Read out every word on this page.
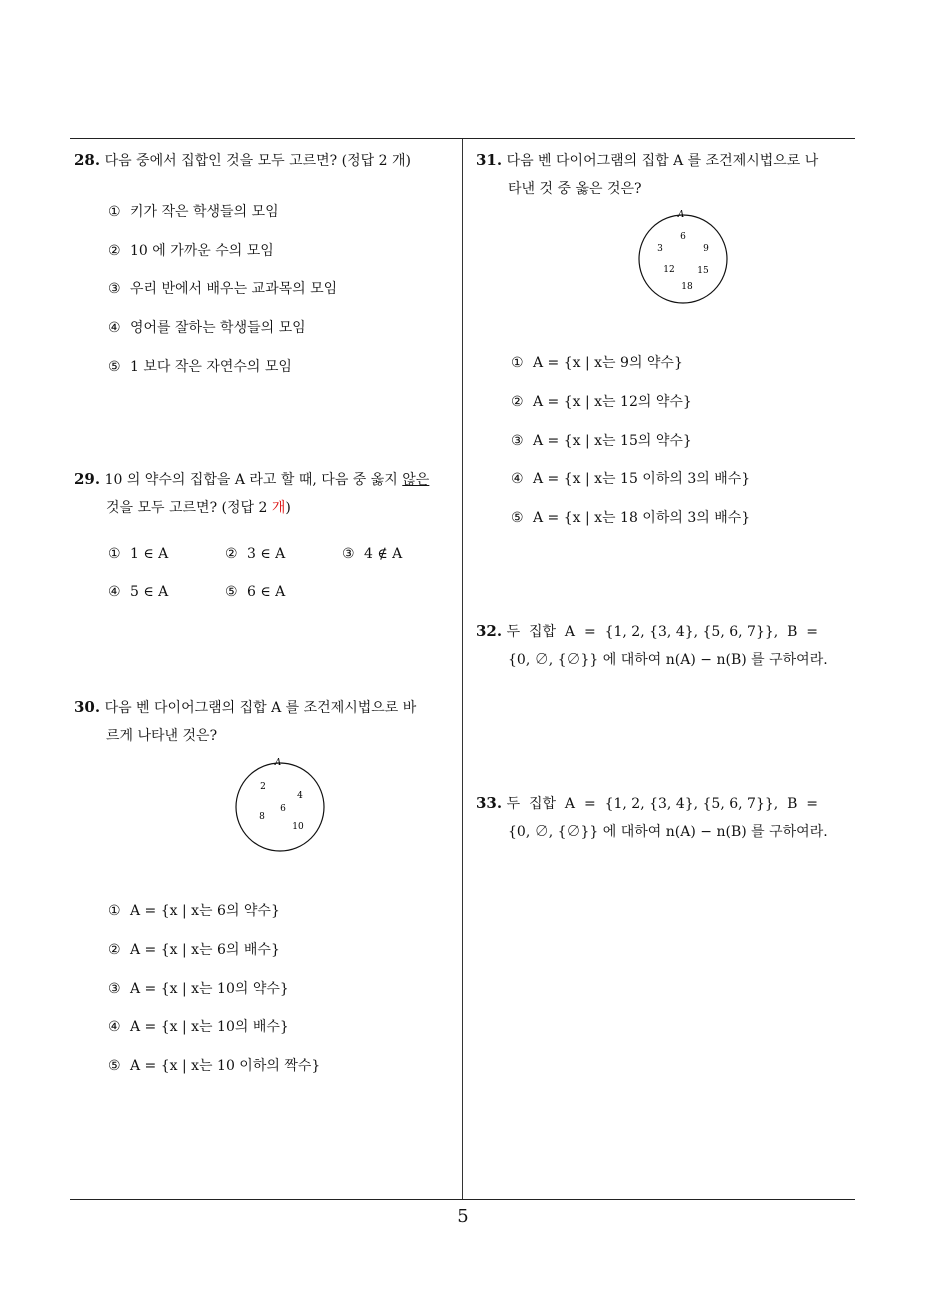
28. 다음 중에서 집합인 것을 모두 고르면? (정답 2 개)
① 키가 작은 학생들의 모임
② 10 에 가까운 수의 모임
③ 우리 반에서 배우는 교과목의 모임
④ 영어를 잘하는 학생들의 모임
⑤ 1 보다 작은 자연수의 모임
29. 10 의 약수의 집합을 A 라고 할 때, 다음 중 옳지 않은
것을 모두 고르면? (정답 2 개)
① 1 ∈ A	② 3 ∈ A	③ 4 ∉ A
④ 5 ∈ A	⑤ 6 ∈ A
30. 다음 벤 다이어그램의 집합 A 를 조건제시법으로 바
르게 나타낸 것은?
A
2
4
6
8
10
① A = {x | x는 6의 약수}
② A = {x | x는 6의 배수}
③ A = {x | x는 10의 약수}
④ A = {x | x는 10의 배수}
⑤ A = {x | x는 10 이하의 짝수}
31. 다음 벤 다이어그램의 집합 A 를 조건제시법으로 나
타낸 것 중 옳은 것은?
A
6
3	9
12	15
18
① A = {x | x는 9의 약수}
② A = {x | x는 12의 약수}
③ A = {x | x는 15의 약수}
④ A = {x | x는 15 이하의 3의 배수}
⑤ A = {x | x는 18 이하의 3의 배수}
32. 두  집합  A  =  {1, 2, {3, 4}, {5, 6, 7}},  B  =
{0, ∅, {∅}} 에 대하여 n(A) − n(B) 를 구하여라.
33. 두  집합  A  =  {1, 2, {3, 4}, {5, 6, 7}},  B  =
{0, ∅, {∅}} 에 대하여 n(A) − n(B) 를 구하여라.
5
